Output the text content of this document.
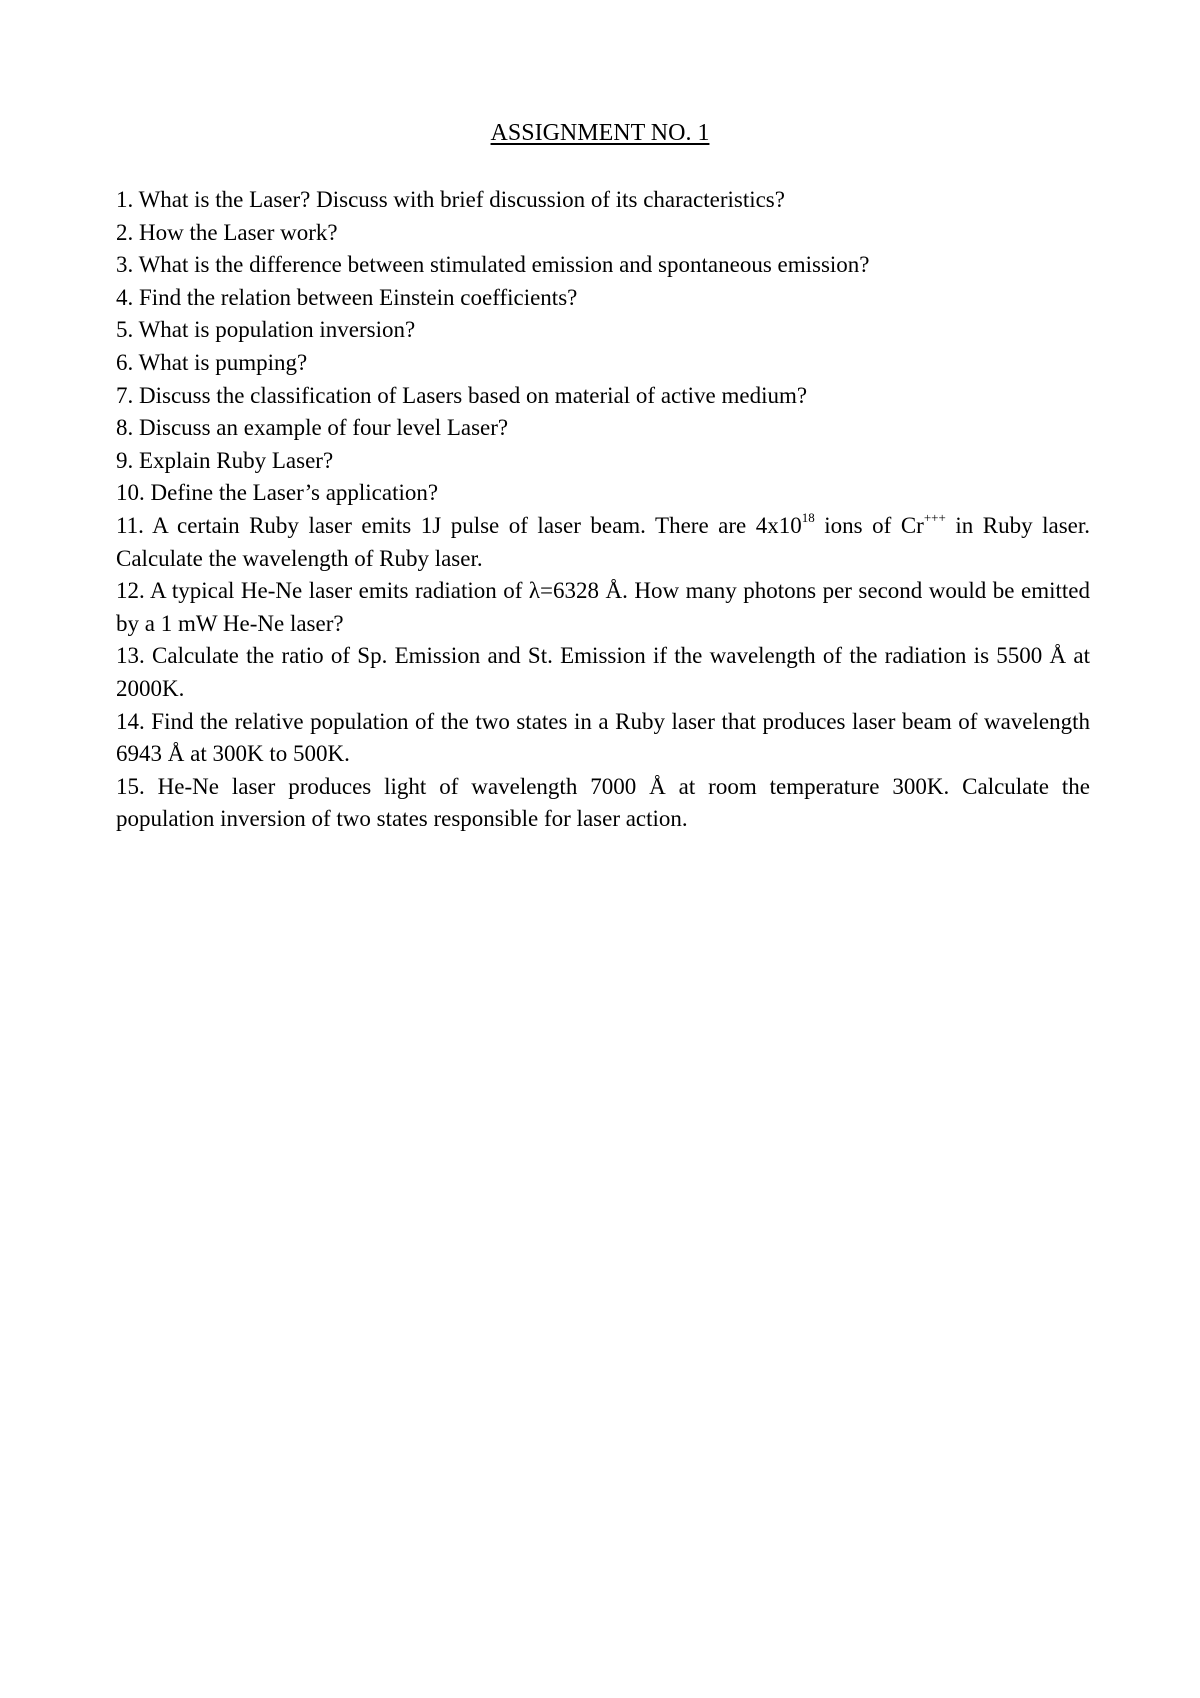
ASSIGNMENT NO. 1
1. What is the Laser? Discuss with brief discussion of its characteristics?
2. How the Laser work?
3. What is the difference between stimulated emission and spontaneous emission?
4. Find the relation between Einstein coefficients?
5. What is population inversion?
6. What is pumping?
7. Discuss the classification of Lasers based on material of active medium?
8. Discuss an example of four level Laser?
9. Explain Ruby Laser?
10. Define the Laser’s application?
11. A certain Ruby laser emits 1J pulse of laser beam. There are $4x10^{18}$ ions of Cr+++ in Ruby laser. Calculate the wavelength of Ruby laser.
12. A typical He-Ne laser emits radiation of λ=6328 Å. How many photons per second would be emitted by a 1 mW He-Ne laser?
13. Calculate the ratio of Sp. Emission and St. Emission if the wavelength of the radiation is 5500 Å at 2000K.
14. Find the relative population of the two states in a Ruby laser that produces laser beam of wavelength 6943 Å at 300K to 500K.
15. He-Ne laser produces light of wavelength 7000 Å at room temperature 300K. Calculate the population inversion of two states responsible for laser action.
